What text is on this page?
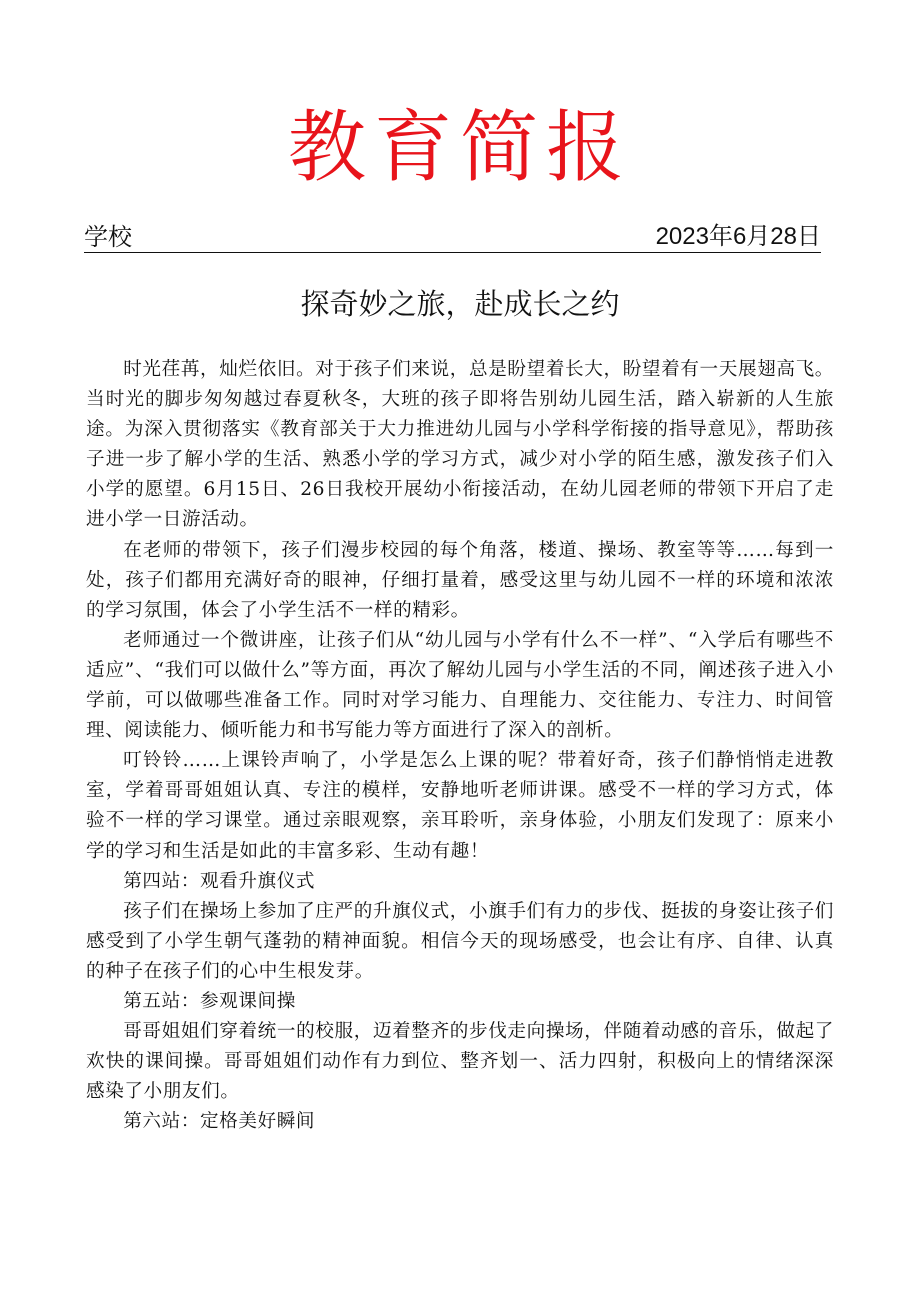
教育简报
学校	2023年6月28日
探奇妙之旅，赴成长之约

时光荏苒，灿烂依旧。对于孩子们来说，总是盼望着长大，盼望着有一天展翅高飞。当时光的脚步匆匆越过春夏秋冬，大班的孩子即将告别幼儿园生活，踏入崭新的人生旅途。为深入贯彻落实《教育部关于大力推进幼儿园与小学科学衔接的指导意见》，帮助孩子进一步了解小学的生活、熟悉小学的学习方式，减少对小学的陌生感，激发孩子们入小学的愿望。6月15日、26日我校开展幼小衔接活动，在幼儿园老师的带领下开启了走进小学一日游活动。

在老师的带领下，孩子们漫步校园的每个角落，楼道、操场、教室等等……每到一处，孩子们都用充满好奇的眼神，仔细打量着，感受这里与幼儿园不一样的环境和浓浓的学习氛围，体会了小学生活不一样的精彩。

老师通过一个微讲座，让孩子们从“幼儿园与小学有什么不一样”、“入学后有哪些不适应”、“我们可以做什么”等方面，再次了解幼儿园与小学生活的不同，阐述孩子进入小学前，可以做哪些准备工作。同时对学习能力、自理能力、交往能力、专注力、时间管理、阅读能力、倾听能力和书写能力等方面进行了深入的剖析。

叮铃铃……上课铃声响了，小学是怎么上课的呢？带着好奇，孩子们静悄悄走进教室，学着哥哥姐姐认真、专注的模样，安静地听老师讲课。感受不一样的学习方式，体验不一样的学习课堂。通过亲眼观察，亲耳聆听，亲身体验，小朋友们发现了：原来小学的学习和生活是如此的丰富多彩、生动有趣！

第四站：观看升旗仪式

孩子们在操场上参加了庄严的升旗仪式，小旗手们有力的步伐、挺拔的身姿让孩子们感受到了小学生朝气蓬勃的精神面貌。相信今天的现场感受，也会让有序、自律、认真的种子在孩子们的心中生根发芽。

第五站：参观课间操

哥哥姐姐们穿着统一的校服，迈着整齐的步伐走向操场，伴随着动感的音乐，做起了欢快的课间操。哥哥姐姐们动作有力到位、整齐划一、活力四射，积极向上的情绪深深感染了小朋友们。

第六站：定格美好瞬间
